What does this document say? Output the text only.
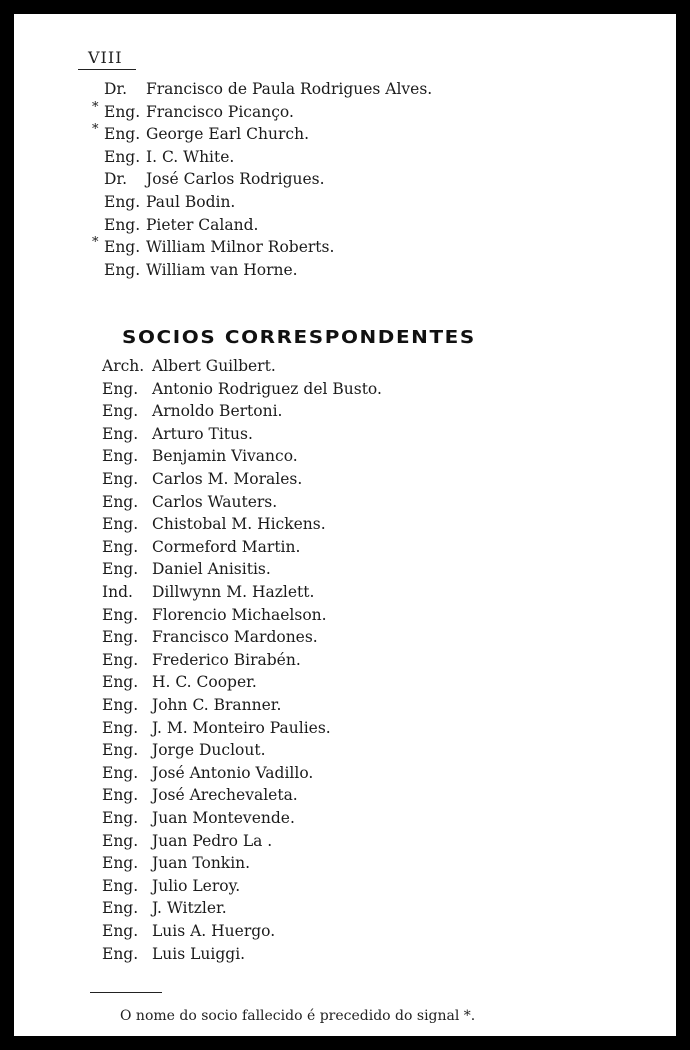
VIII
Dr. Francisco de Paula Rodrigues Alves.
* Eng. Francisco Picanço.
* Eng. George Earl Church.
Eng. I. C. White.
Dr. José Carlos Rodrigues.
Eng. Paul Bodin.
Eng. Pieter Caland.
* Eng. William Milnor Roberts.
Eng. William van Horne.
SOCIOS CORRESPONDENTES
Arch. Albert Guilbert.
Eng. Antonio Rodriguez del Busto.
Eng. Arnoldo Bertoni.
Eng. Arturo Titus.
Eng. Benjamin Vivanco.
Eng. Carlos M. Morales.
Eng. Carlos Wauters.
Eng. Chistobal M. Hickens.
Eng. Cormeford Martin.
Eng. Daniel Anisitis.
Ind. Dillwynn M. Hazlett.
Eng. Florencio Michaelson.
Eng. Francisco Mardones.
Eng. Frederico Birabén.
Eng. H. C. Cooper.
Eng. John C. Branner.
Eng. J. M. Monteiro Paulies.
Eng. Jorge Duclout.
Eng. José Antonio Vadillo.
Eng. José Arechevaleta.
Eng. Juan Montevende.
Eng. Juan Pedro La .
Eng. Juan Tonkin.
Eng. Julio Leroy.
Eng. J. Witzler.
Eng. Luis A. Huergo.
Eng. Luis Luiggi.
O nome do socio fallecido é precedido do signal *.
